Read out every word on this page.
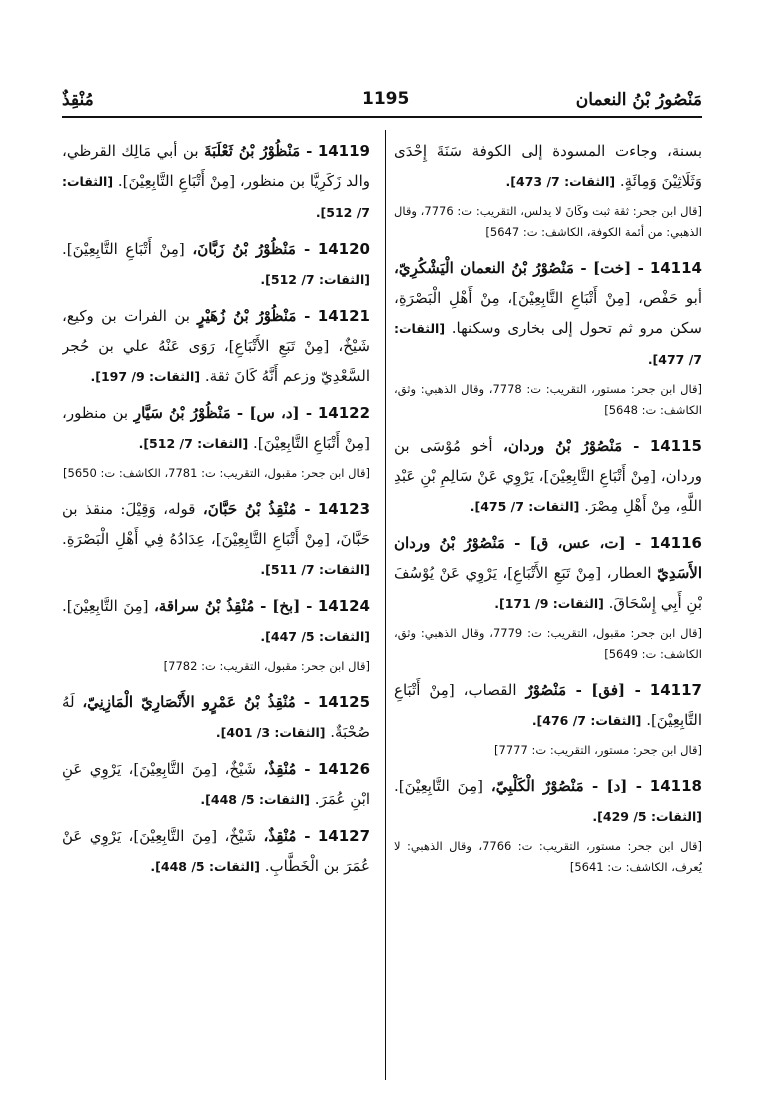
مَنْصُورُ بْنُ النعمان
1195
مُنْقِذٌ

بسنة، وجاءت المسودة إلى الكوفة سَنَةَ إِحْدَى وَثَلَاثِيْنَ وَمِائَةٍ. [الثقات: 7/ 473].

[قال ابن جحر: ثقة ثبت وكَانَ لا يدلس، التقريب: ت: 7776، وقال الذهبي: من أئمة الكوفة، الكاشف: ت: 5647]

14114 - [خت] - مَنْصُوْرُ بْنُ النعمان الْيَشْكُرِيّ، أبو حَفْص، [مِنْ أَتْبَاعِ التَّابِعِيْنَ]، مِنْ أَهْلِ الْبَصْرَةِ، سكن مرو ثم تحول إلى بخارى وسكنها. [الثقات: 7/ 477].

[قال ابن جحر: مستور، التقريب: ت: 7778، وقال الذهبي: وثق، الكاشف: ت: 5648]

14115 - مَنْصُوْرُ بْنُ وردان، أخو مُوْسَى بن وردان، [مِنْ أَتْبَاعِ التَّابِعِيْنَ]، يَرْوِي عَنْ سَالِمِ بْنِ عَبْدِ اللَّهِ، مِنْ أَهْلِ مِصْرَ. [الثقات: 7/ 475].

14116 - [ت، عس، ق] - مَنْصُوْرُ بْنُ وردان الأَسَدِيّ العطار، [مِنْ تَبَعِ الأَتْبَاعِ]، يَرْوِي عَنْ يُوْسُفَ بْنِ أَبِي إِسْحَاقَ. [الثقات: 9/ 171].

[قال ابن جحر: مقبول، التقريب: ت: 7779، وقال الذهبي: وثق، الكاشف: ت: 5649]

14117 - [فق] - مَنْصُوْرٌ القصاب، [مِنْ أَتْبَاعِ التَّابِعِيْنَ]. [الثقات: 7/ 476].

[قال ابن جحر: مستور، التقريب: ت: 7777]

14118 - [د] - مَنْصُوْرٌ الْكَلْبِيّ، [مِنَ التَّابِعِيْنَ]. [الثقات: 5/ 429].

[قال ابن جحر: مستور، التقريب: ت: 7766، وقال الذهبي: لا يُعرف، الكاشف: ت: 5641]

14119 - مَنْظُوْرُ بْنُ ثَعْلَبَةَ بن أبي مَالِك القرظي، والد زَكَرِيَّا بن منظور، [مِنْ أَتْبَاعِ التَّابِعِيْنَ]. [الثقات: 7/ 512].

14120 - مَنْظُوْرُ بْنُ زَبَّانَ، [مِنْ أَتْبَاعِ التَّابِعِيْنَ]. [الثقات: 7/ 512].

14121 - مَنْظُوْرُ بْنُ زُهَيْرٍ بن الفرات بن وكيع، شَيْخٌ، [مِنْ تَبَعِ الأَتْبَاعِ]، رَوَى عَنْهُ علي بن حُجر السَّعْدِيّ وزعم أَنَّهُ كَانَ ثقة. [الثقات: 9/ 197].

14122 - [د، س] - مَنْظُوْرُ بْنُ سَيَّارِ بن منظور، [مِنْ أَتْبَاعِ التَّابِعِيْنَ]. [الثقات: 7/ 512].

[قال ابن جحر: مقبول، التقريب: ت: 7781، الكاشف: ت: 5650]

14123 - مُنْقِذُ بْنُ حَبَّانَ، قوله، وَقِيْلَ: منقذ بن حَبَّانَ، [مِنْ أَتْبَاعِ التَّابِعِيْنَ]، عِدَادُهُ فِي أَهْلِ الْبَصْرَةِ. [الثقات: 7/ 511].

14124 - [بخ] - مُنْقِذُ بْنُ سراقة، [مِنَ التَّابِعِيْنَ]. [الثقات: 5/ 447].

[قال ابن جحر: مقبول، التقريب: ت: 7782]

14125 - مُنْقِذُ بْنُ عَمْرٍو الأَنْصَارِيّ الْمَازِنِيّ، لَهُ صُحْبَةٌ. [الثقات: 3/ 401].

14126 - مُنْقِذٌ، شَيْخٌ، [مِنَ التَّابِعِيْنَ]، يَرْوِي عَنِ ابْنِ عُمَرَ. [الثقات: 5/ 448].

14127 - مُنْقِذٌ، شَيْخٌ، [مِنَ التَّابِعِيْنَ]، يَرْوِي عَنْ عُمَرَ بن الْخَطَّابِ. [الثقات: 5/ 448].
